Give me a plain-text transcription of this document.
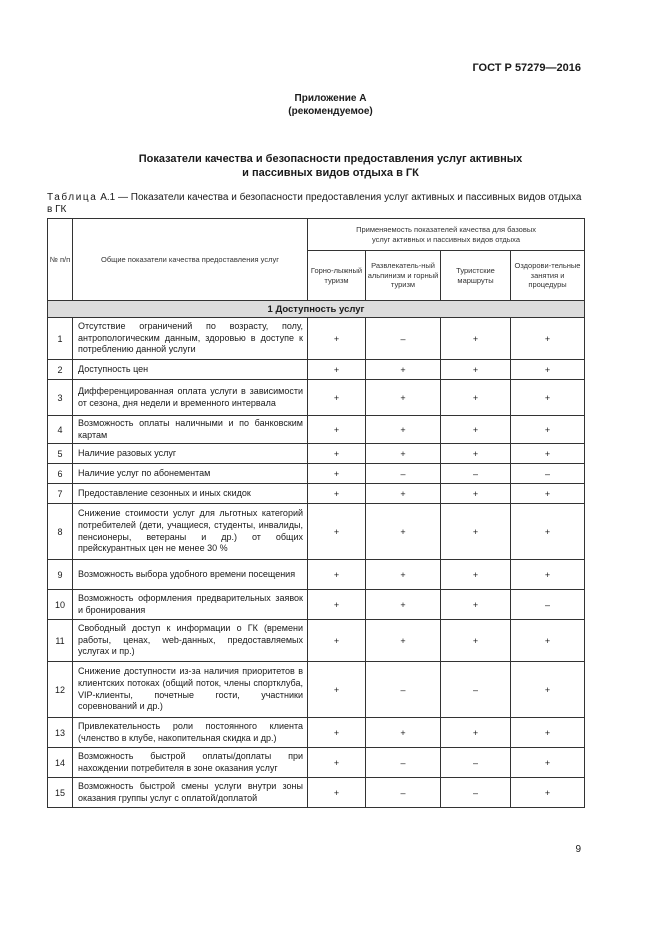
ГОСТ Р 57279—2016
Приложение А
(рекомендуемое)
Показатели качества и безопасности предоставления услуг активных
и пассивных видов отдыха в ГК
Таблица А.1 — Показатели качества и безопасности предоставления услуг активных и пассивных видов отдыха в ГК
№ п/п	Общие показатели качества предоставления услуг	Применяемость показателей качества для базовых услуг активных и пассивных видов отдыха			
		Горно-лыжный туризм	Развлекатель-ный альпинизм и горный туризм	Туристские маршруты	Оздорови-тельные занятия и процедуры
1 Доступность услуг					
1	Отсутствие ограничений по возрасту, полу, антропологическим данным, здоровью в доступе к потреблению данной услуги	+	–	+	+
2	Доступность цен	+	+	+	+
3	Дифференцированная оплата услуги в зависимости от сезона, дня недели и временного интервала	+	+	+	+
4	Возможность оплаты наличными и по банковским картам	+	+	+	+
5	Наличие разовых услуг	+	+	+	+
6	Наличие услуг по абонементам	+	–	–	–
7	Предоставление сезонных и иных скидок	+	+	+	+
8	Снижение стоимости услуг для льготных категорий потребителей (дети, учащиеся, студенты, инвалиды, пенсионеры, ветераны и др.) от общих прейскурантных цен не менее 30 %	+	+	+	+
9	Возможность выбора удобного времени посещения	+	+	+	+
10	Возможность оформления предварительных заявок и бронирования	+	+	+	–
11	Свободный доступ к информации о ГК (времени работы, ценах, web-данных, предоставляемых услугах и пр.)	+	+	+	+
12	Снижение доступности из-за наличия приоритетов в клиентских потоках (общий поток, члены спортклуба, VIP-клиенты, почетные гости, участники соревнований и др.)	+	–	–	+
13	Привлекательность роли постоянного клиента (членство в клубе, накопительная скидка и др.)	+	+	+	+
14	Возможность быстрой оплаты/доплаты при нахождении потребителя в зоне оказания услуг	+	–	–	+
15	Возможность быстрой смены услуги внутри зоны оказания группы услуг с оплатой/доплатой	+	–	–	+
9
